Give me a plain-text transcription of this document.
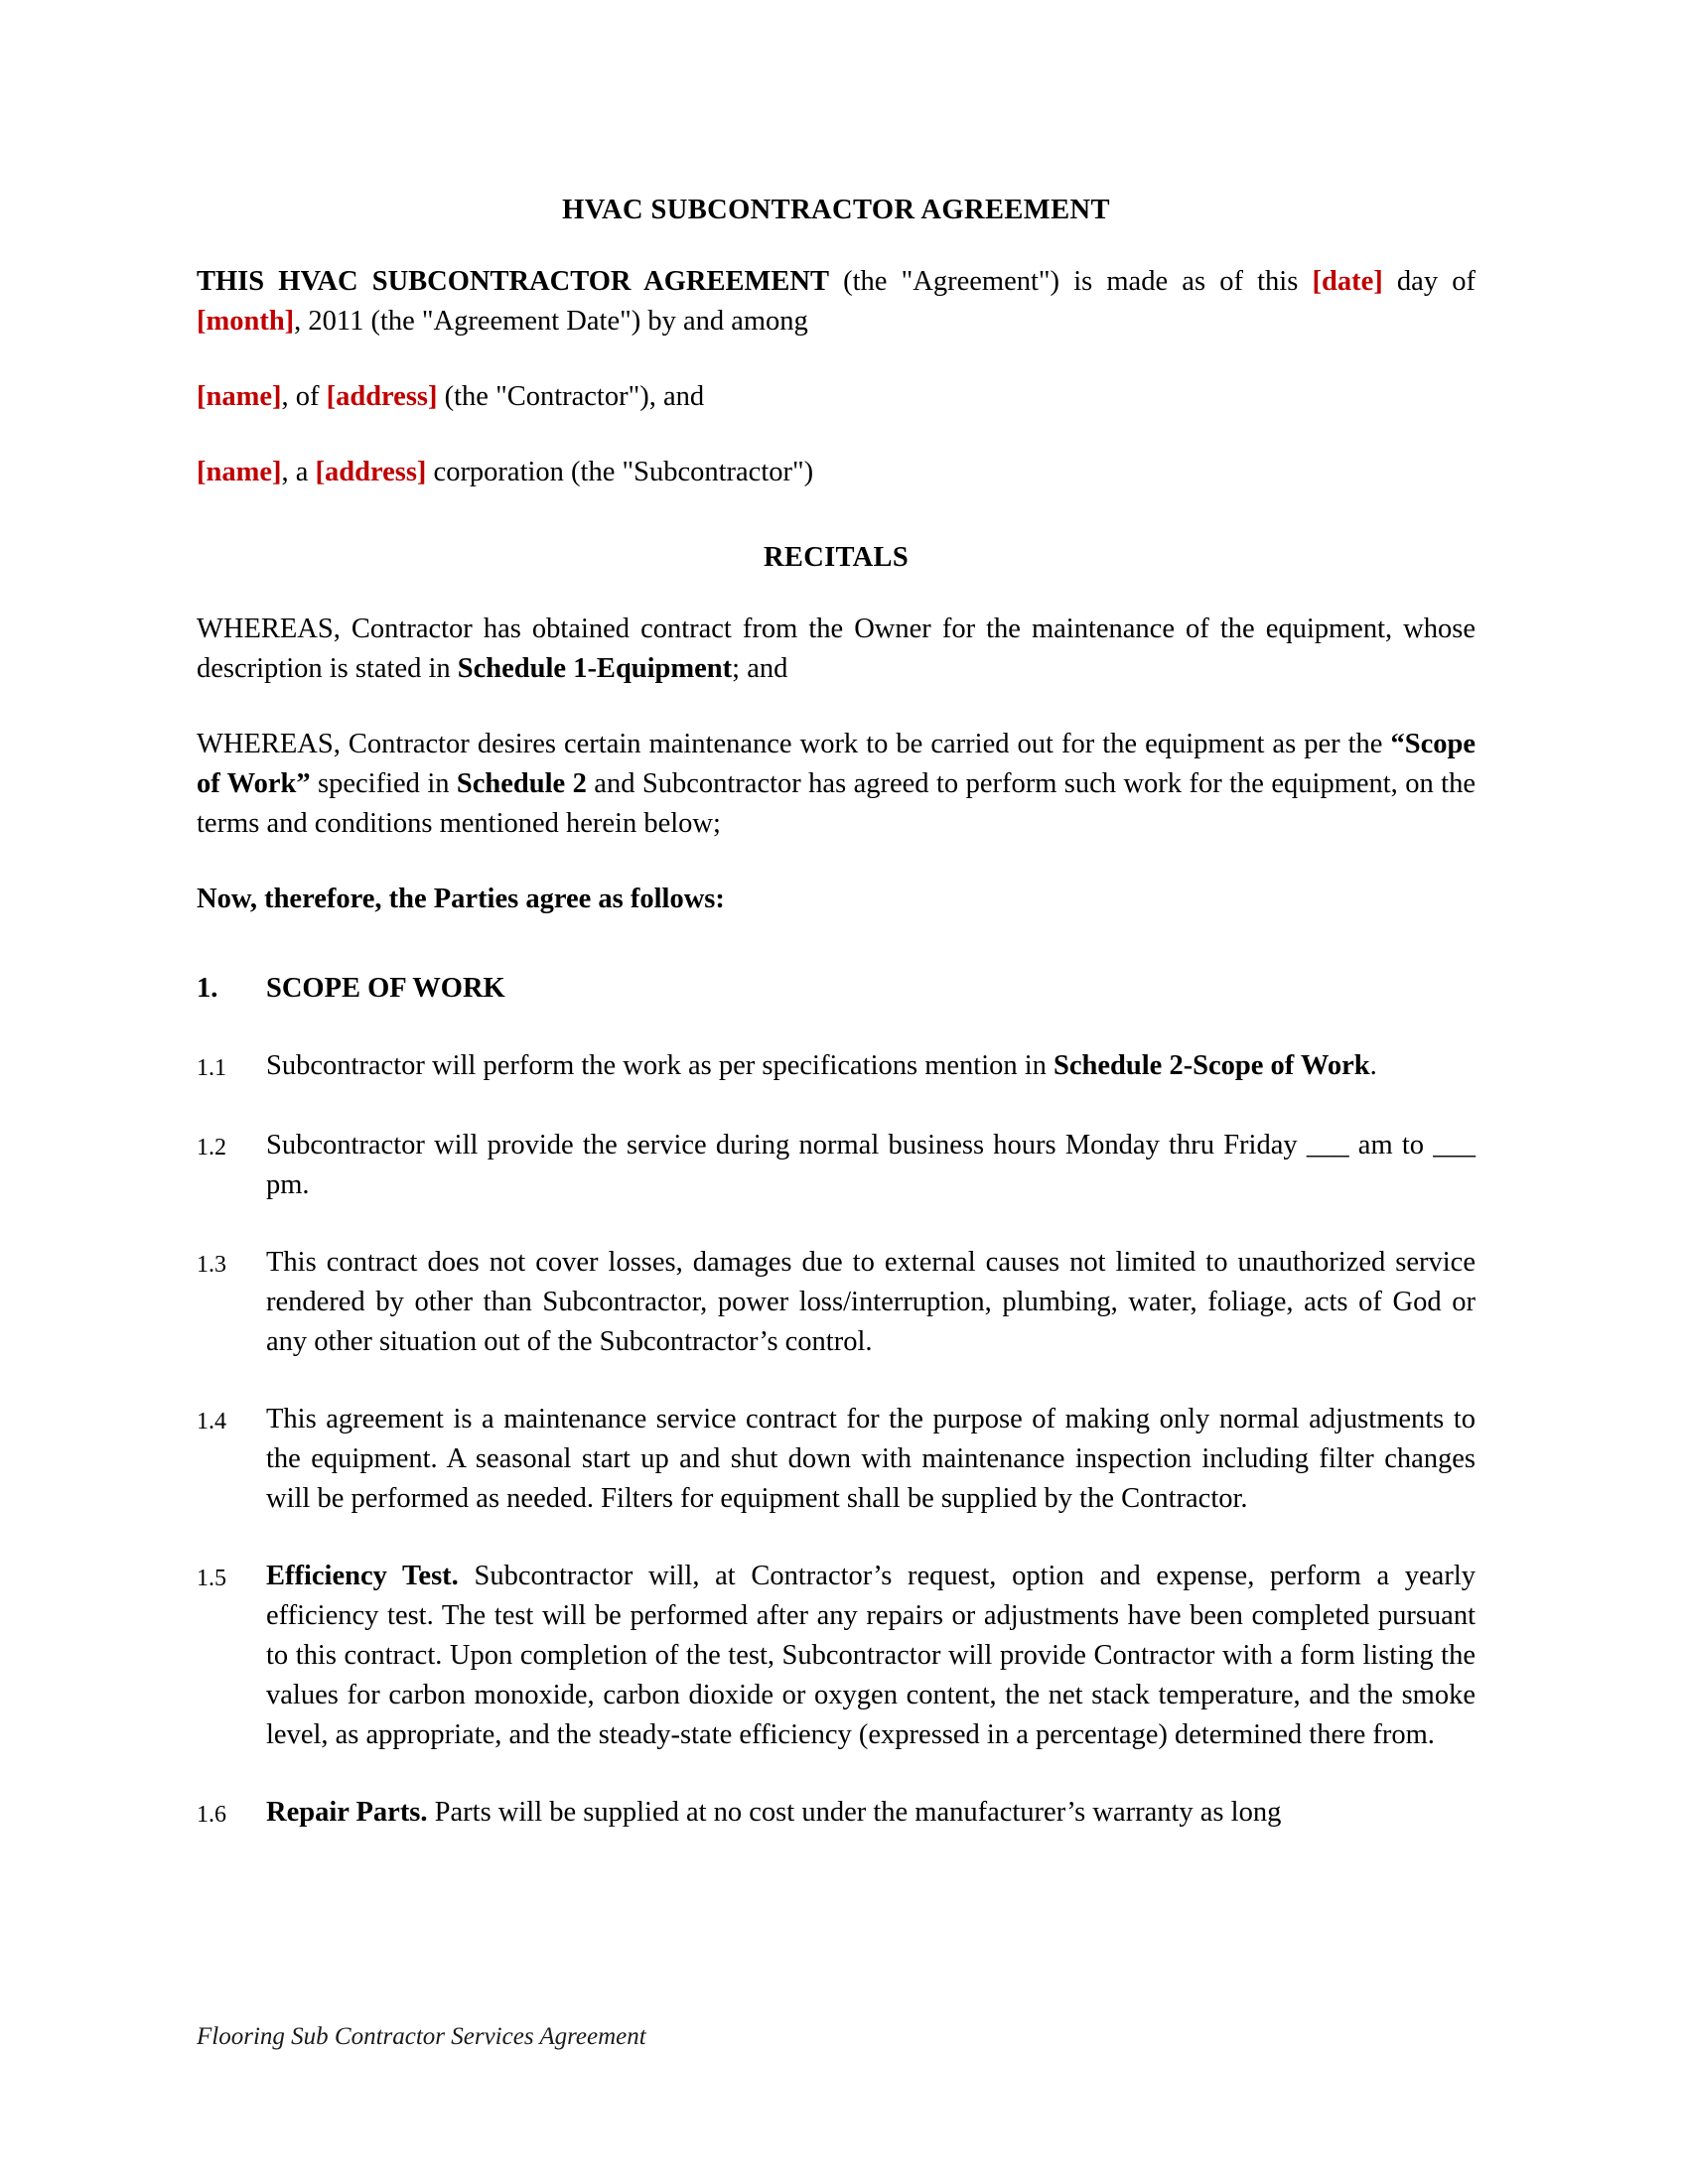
HVAC SUBCONTRACTOR AGREEMENT

THIS HVAC SUBCONTRACTOR AGREEMENT (the "Agreement") is made as of this [date] day of [month], 2011 (the "Agreement Date") by and among

[name], of [address] (the "Contractor"), and

[name], a [address] corporation (the "Subcontractor")

RECITALS

WHEREAS, Contractor has obtained contract from the Owner for the maintenance of the equipment, whose description is stated in Schedule 1-Equipment; and

WHEREAS, Contractor desires certain maintenance work to be carried out for the equipment as per the “Scope of Work” specified in Schedule 2 and Subcontractor has agreed to perform such work for the equipment, on the terms and conditions mentioned herein below;

Now, therefore, the Parties agree as follows:

1.	SCOPE OF WORK
1.1	Subcontractor will perform the work as per specifications mention in Schedule 2-Scope of Work.
1.2	Subcontractor will provide the service during normal business hours Monday thru Friday ___ am to ___ pm.
1.3	This contract does not cover losses, damages due to external causes not limited to unauthorized service rendered by other than Subcontractor, power loss/interruption, plumbing, water, foliage, acts of God or any other situation out of the Subcontractor’s control.
1.4	This agreement is a maintenance service contract for the purpose of making only normal adjustments to the equipment. A seasonal start up and shut down with maintenance inspection including filter changes will be performed as needed. Filters for equipment shall be supplied by the Contractor.
1.5	Efficiency Test. Subcontractor will, at Contractor’s request, option and expense, perform a yearly efficiency test. The test will be performed after any repairs or adjustments have been completed pursuant to this contract. Upon completion of the test, Subcontractor will provide Contractor with a form listing the values for carbon monoxide, carbon dioxide or oxygen content, the net stack temperature, and the smoke level, as appropriate, and the steady-state efficiency (expressed in a percentage) determined there from.
1.6	Repair Parts. Parts will be supplied at no cost under the manufacturer’s warranty as long
Flooring Sub Contractor Services Agreement
